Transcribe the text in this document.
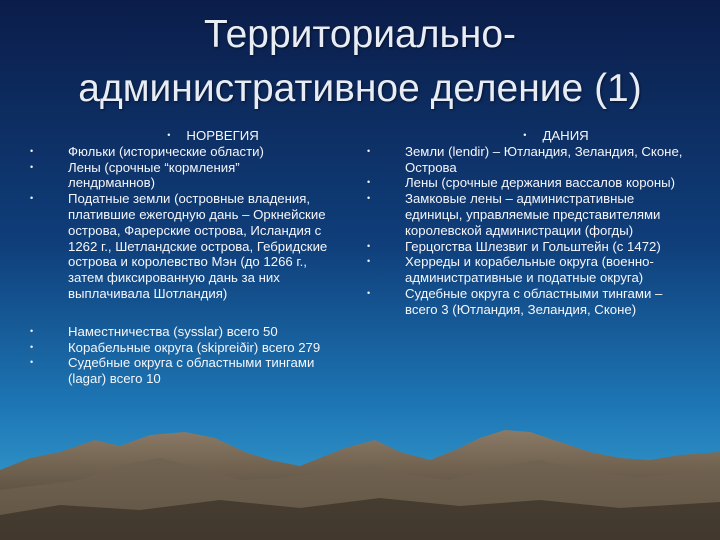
Территориально-
административное деление (1)
• НОРВЕГИЯ
•	Фюльки (исторические области)
•	Лены (срочные “кормления” лендрманнов)
•	Податные земли (островные владения, платившие ежегодную дань – Оркнейские острова, Фарерские острова, Исландия с 1262 г., Шетландские острова, Гебридские острова и королевство Мэн (до 1266 г., затем фиксированную дань за них выплачивала Шотландия)
•	Наместничества (sysslar) всего 50
•	Корабельные округа (skipreiðir) всего 279
•	Судебные округа с областными тингами (lagar) всего 10
• ДАНИЯ
•	Земли (lendir) – Ютландия, Зеландия, Сконе, Острова
•	Лены (срочные держания вассалов короны)
•	Замковые лены – административные единицы, управляемые представителями королевской администрации (фогды)
•	Герцогства Шлезвиг и Гольштейн (с 1472)
•	Херреды и корабельные округа (военно-административные и податные округа)
•	Судебные округа с областными тингами – всего 3 (Ютландия, Зеландия, Сконе)
